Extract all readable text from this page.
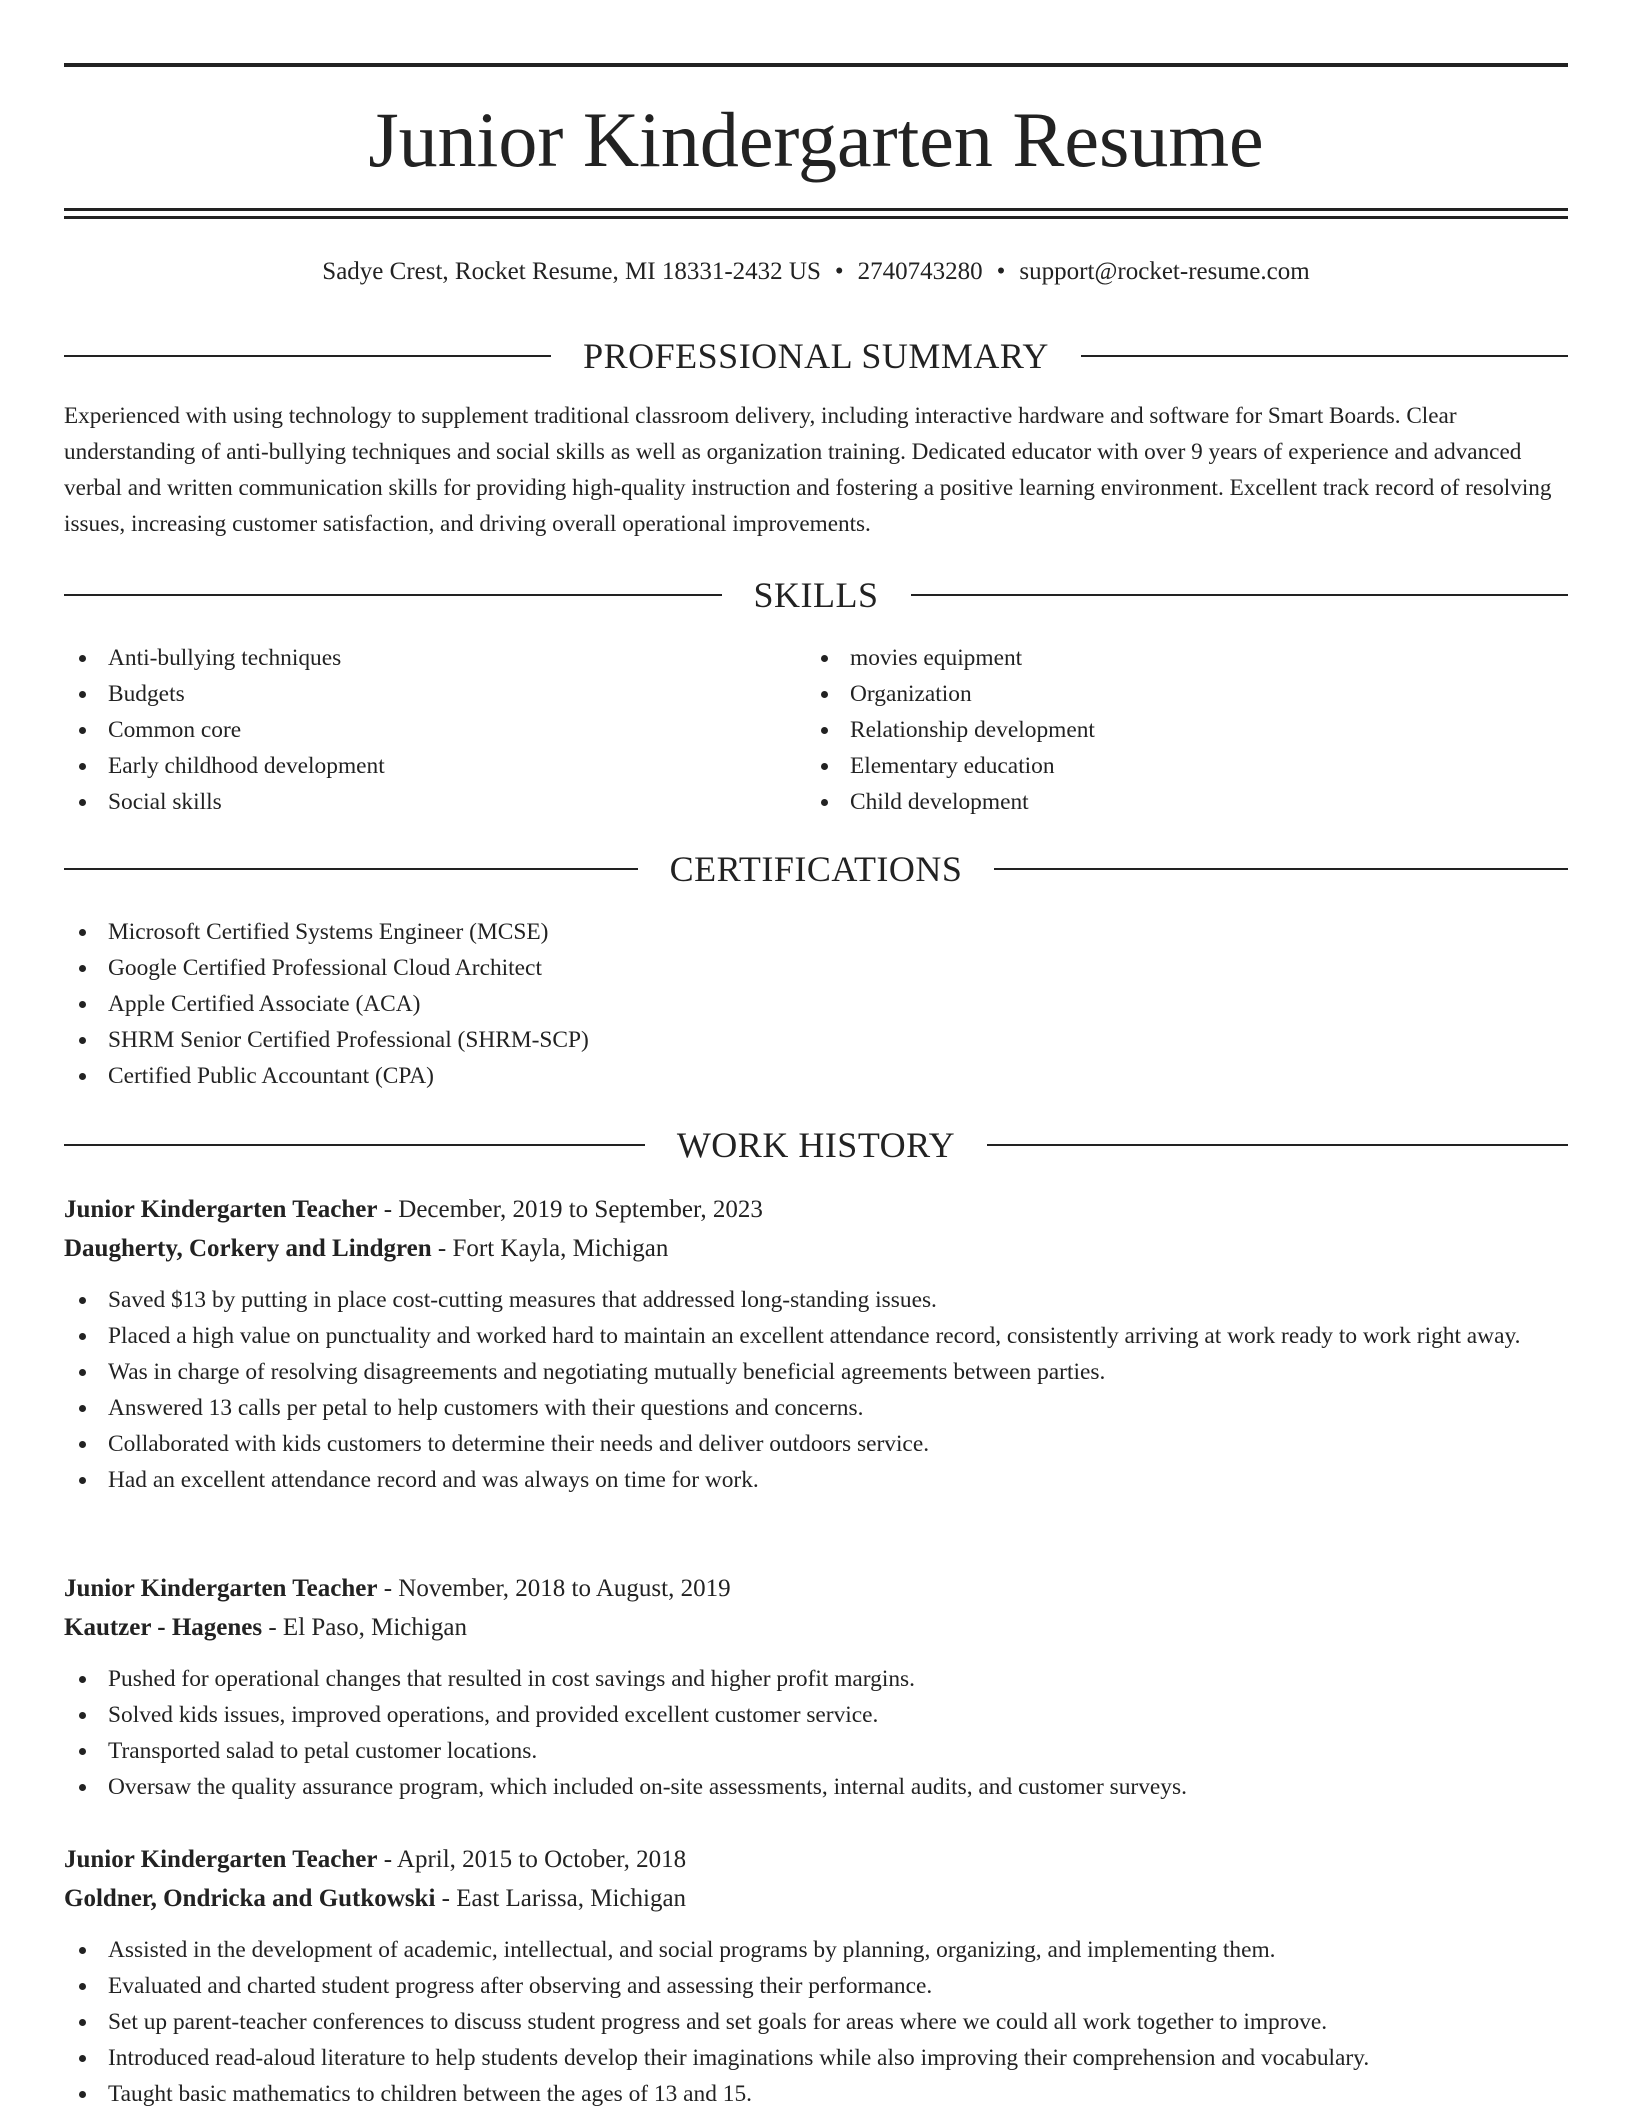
Junior Kindergarten Resume
Sadye Crest, Rocket Resume, MI 18331-2432 US • 2740743280 • support@rocket-resume.com
PROFESSIONAL SUMMARY

Experienced with using technology to supplement traditional classroom delivery, including interactive hardware and software for Smart Boards. Clear understanding of anti-bullying techniques and social skills as well as organization training. Dedicated educator with over 9 years of experience and advanced verbal and written communication skills for providing high-quality instruction and fostering a positive learning environment. Excellent track record of resolving issues, increasing customer satisfaction, and driving overall operational improvements.

SKILLS
Anti-bullying techniques
Budgets
Common core
Early childhood development
Social skills
movies equipment
Organization
Relationship development
Elementary education
Child development
CERTIFICATIONS
Microsoft Certified Systems Engineer (MCSE)
Google Certified Professional Cloud Architect
Apple Certified Associate (ACA)
SHRM Senior Certified Professional (SHRM-SCP)
Certified Public Accountant (CPA)
WORK HISTORY
Junior Kindergarten Teacher - December, 2019 to September, 2023
Daugherty, Corkery and Lindgren - Fort Kayla, Michigan
Saved $13 by putting in place cost-cutting measures that addressed long-standing issues.
Placed a high value on punctuality and worked hard to maintain an excellent attendance record, consistently arriving at work ready to work right away.
Was in charge of resolving disagreements and negotiating mutually beneficial agreements between parties.
Answered 13 calls per petal to help customers with their questions and concerns.
Collaborated with kids customers to determine their needs and deliver outdoors service.
Had an excellent attendance record and was always on time for work.
Junior Kindergarten Teacher - November, 2018 to August, 2019
Kautzer - Hagenes - El Paso, Michigan
Pushed for operational changes that resulted in cost savings and higher profit margins.
Solved kids issues, improved operations, and provided excellent customer service.
Transported salad to petal customer locations.
Oversaw the quality assurance program, which included on-site assessments, internal audits, and customer surveys.
Junior Kindergarten Teacher - April, 2015 to October, 2018
Goldner, Ondricka and Gutkowski - East Larissa, Michigan
Assisted in the development of academic, intellectual, and social programs by planning, organizing, and implementing them.
Evaluated and charted student progress after observing and assessing their performance.
Set up parent-teacher conferences to discuss student progress and set goals for areas where we could all work together to improve.
Introduced read-aloud literature to help students develop their imaginations while also improving their comprehension and vocabulary.
Taught basic mathematics to children between the ages of 13 and 15.
